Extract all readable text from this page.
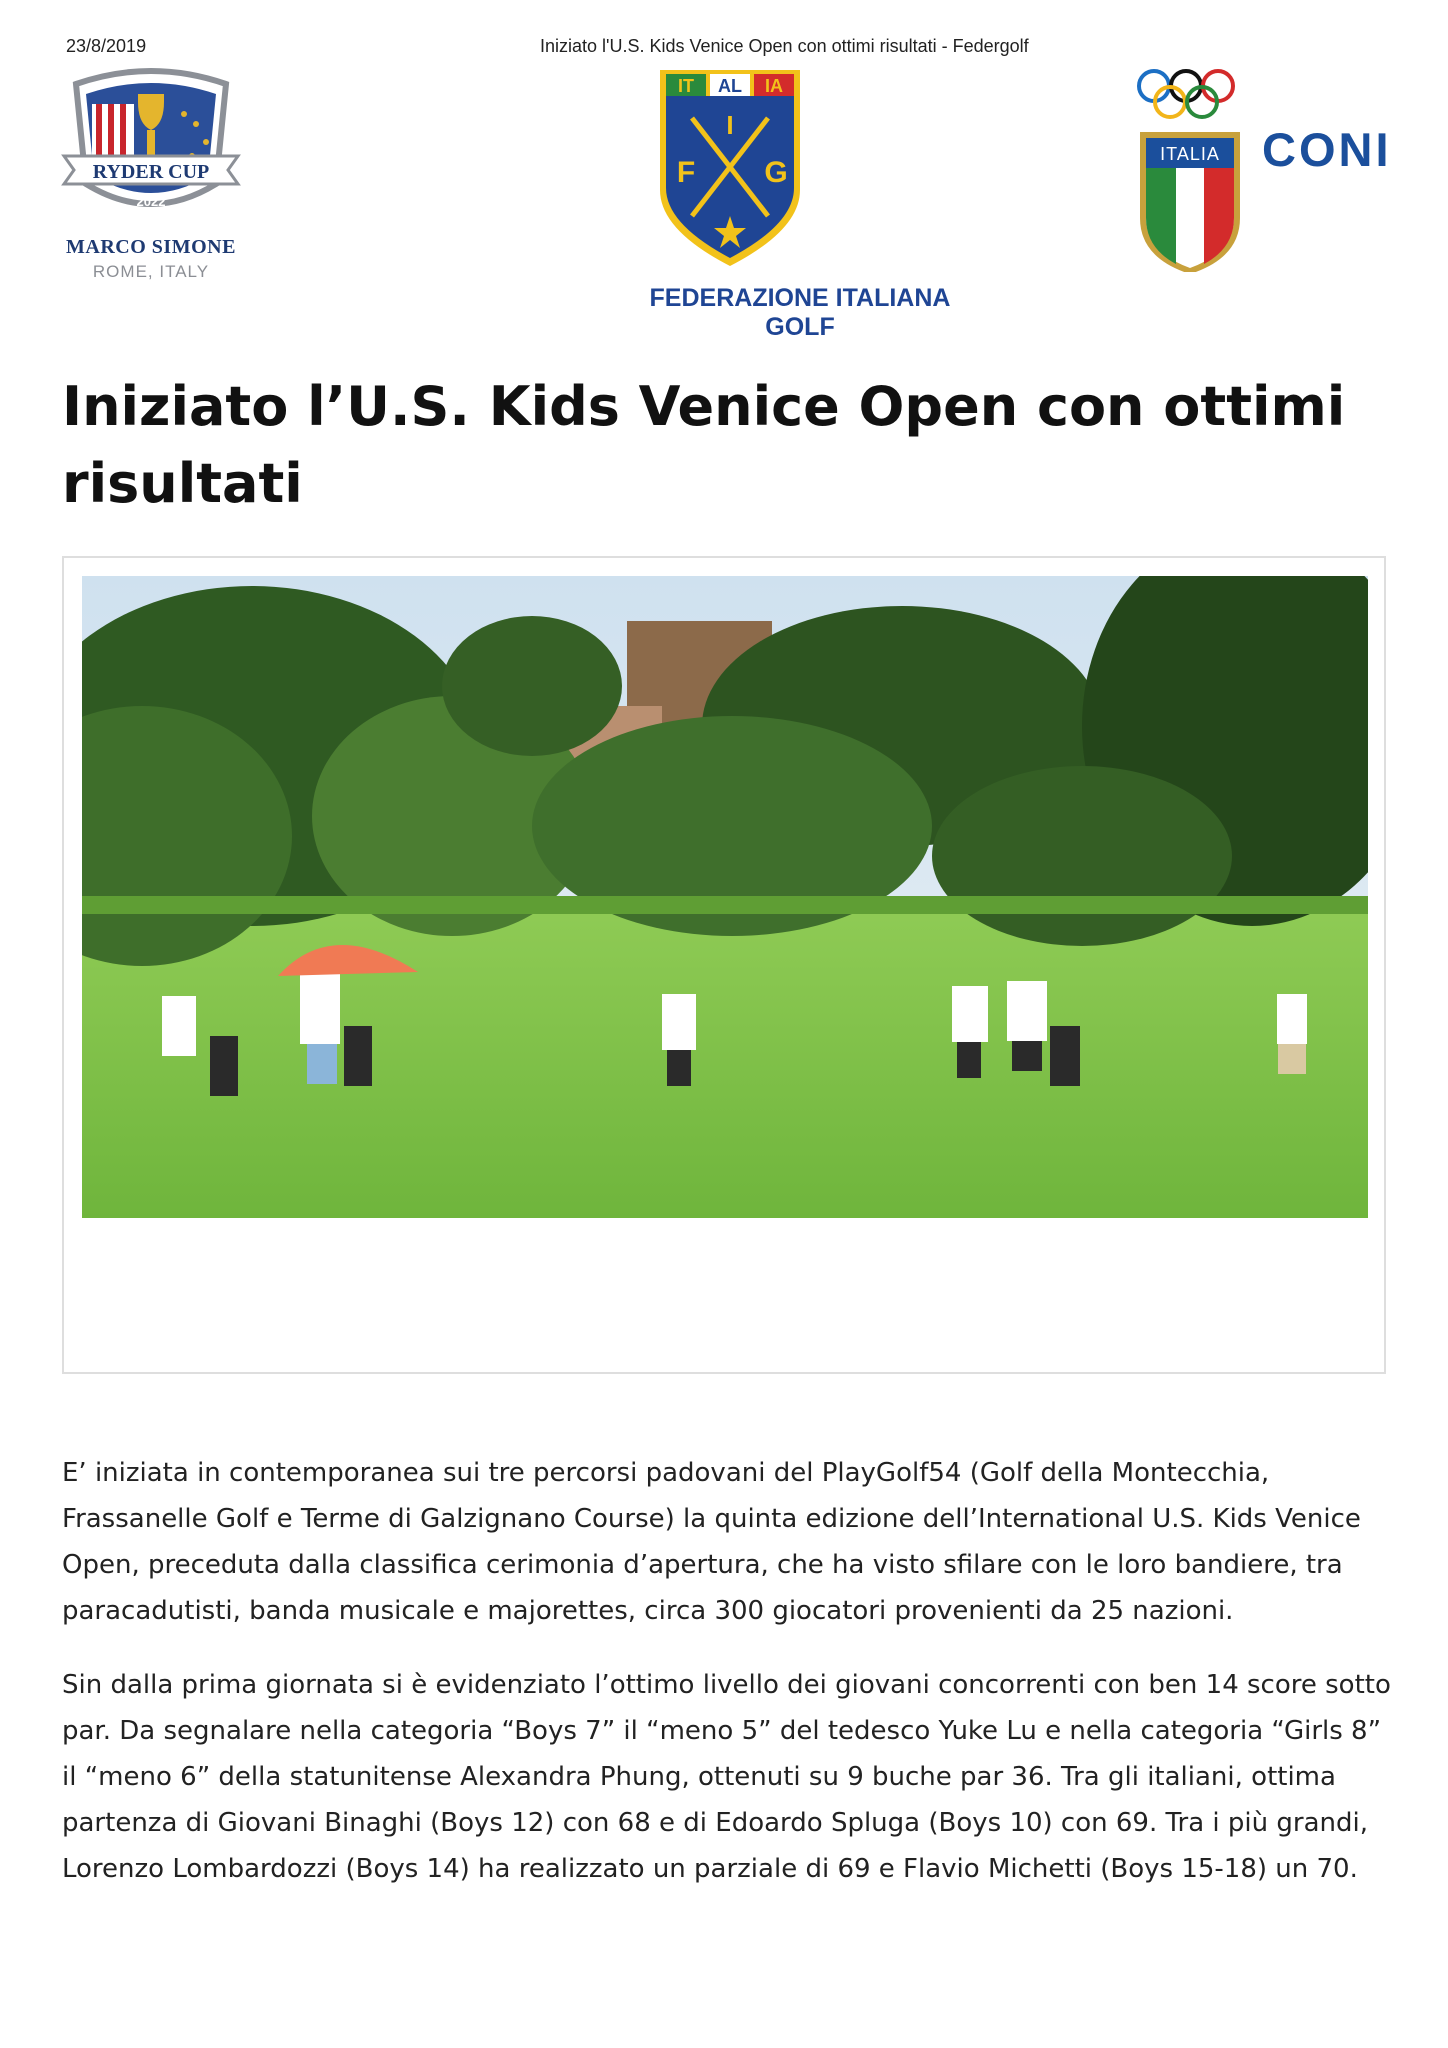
23/8/2019	Iniziato l'U.S. Kids Venice Open con ottimi risultati - Federgolf
RYDER CUP
2022
MARCO SIMONE
ROME, ITALY
IT AL IA
I
F G
FEDERAZIONE ITALIANA GOLF
ITALIA CONI
Iniziato l’U.S. Kids Venice Open con ottimi risultati

E’ iniziata in contemporanea sui tre percorsi padovani del PlayGolf54 (Golf della Montecchia, Frassanelle Golf e Terme di Galzignano Course) la quinta edizione dell’International U.S. Kids Venice Open, preceduta dalla classifica cerimonia d’apertura, che ha visto sfilare con le loro bandiere, tra paracadutisti, banda musicale e majorettes, circa 300 giocatori provenienti da 25 nazioni.

Sin dalla prima giornata si è evidenziato l’ottimo livello dei giovani concorrenti con ben 14 score sotto par. Da segnalare nella categoria “Boys 7” il “meno 5” del tedesco Yuke Lu e nella categoria “Girls 8” il “meno 6” della statunitense Alexandra Phung, ottenuti su 9 buche par 36. Tra gli italiani, ottima partenza di Giovani Binaghi (Boys 12) con 68 e di Edoardo Spluga (Boys 10) con 69. Tra i più grandi, Lorenzo Lombardozzi (Boys 14) ha realizzato un parziale di 69 e Flavio Michetti (Boys 15-18) un 70.
